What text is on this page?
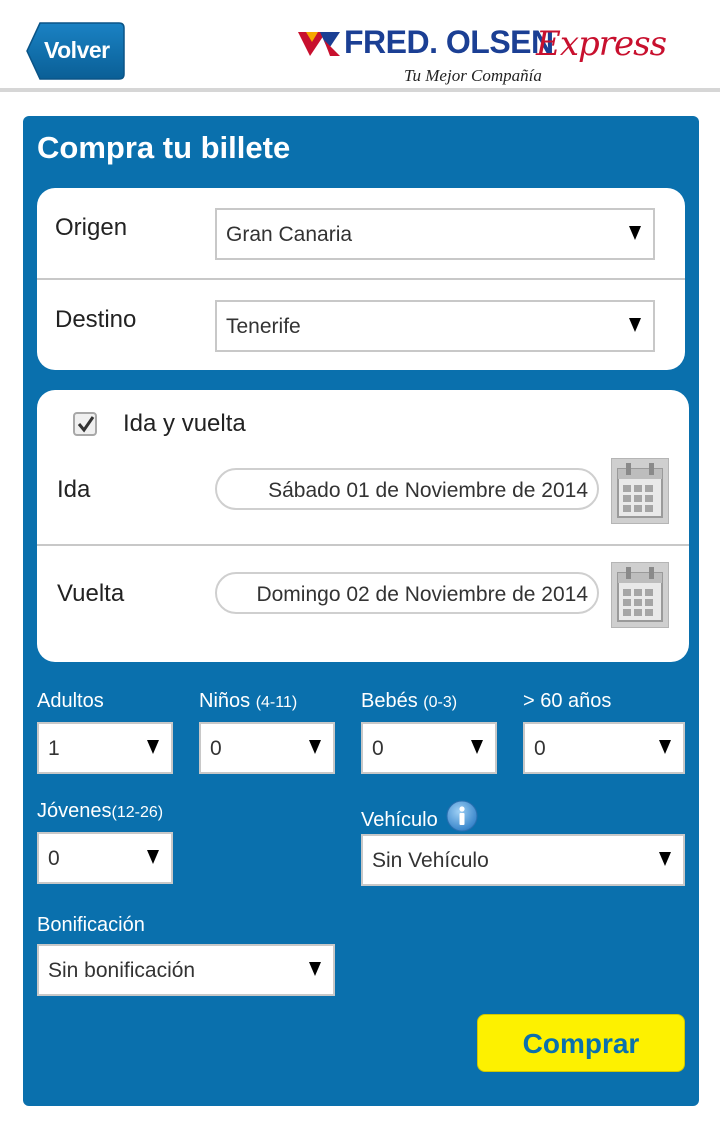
Volver	FRED. OLSEN
Express
Tu Mejor Compañía
Compra tu billete
Origen	Gran Canaria
Destino	Tenerife
Ida y vuelta
Ida	Sábado 01 de Noviembre de 2014
Vuelta	Domingo 02 de Noviembre de 2014
Adultos
1
Niños (4-11)
0
Bebés (0-3)
0
> 60 años
0
Jóvenes(12-26)
0
Vehículo
Sin Vehículo
Bonificación
Sin bonificación
Comprar
